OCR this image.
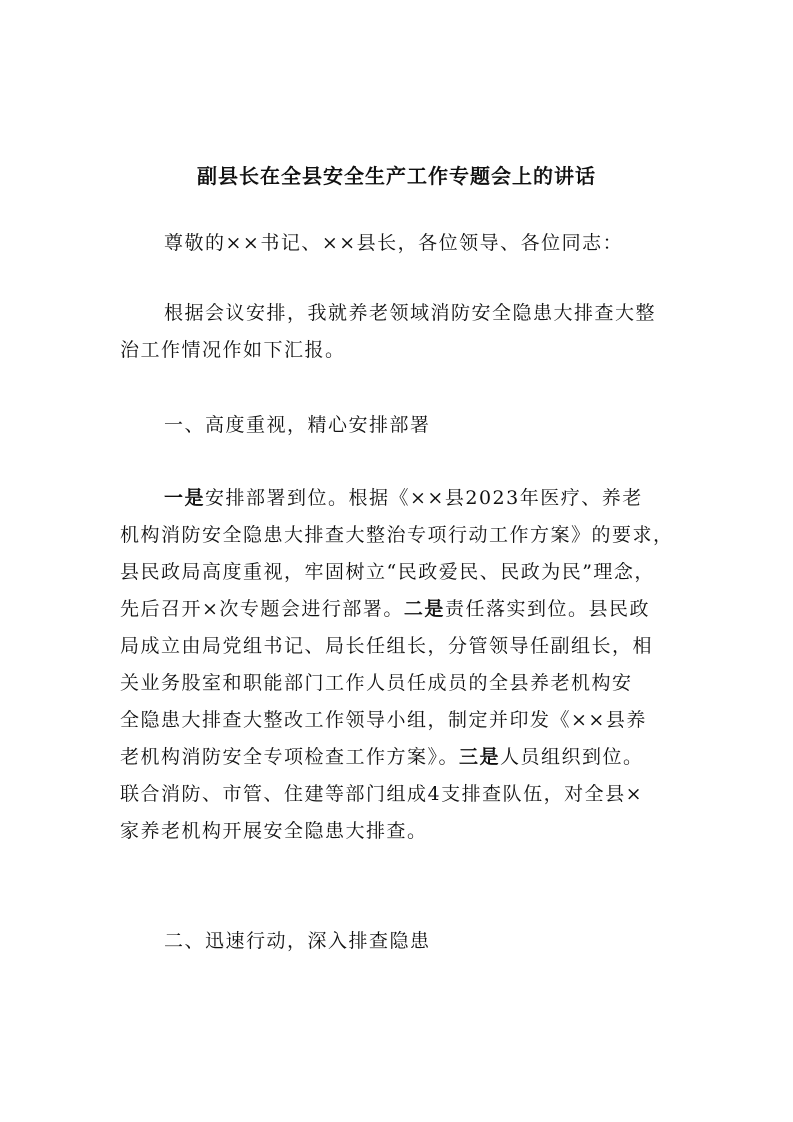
副县长在全县安全生产工作专题会上的讲话

尊敬的××书记、××县长，各位领导、各位同志：

根据会议安排，我就养老领域消防安全隐患大排查大整
治工作情况作如下汇报。

一、高度重视，精心安排部署

一是安排部署到位。根据《××县2023年医疗、养老
机构消防安全隐患大排查大整治专项行动工作方案》的要求，
县民政局高度重视，牢固树立“民政爱民、民政为民”理念，
先后召开×次专题会进行部署。二是责任落实到位。县民政
局成立由局党组书记、局长任组长，分管领导任副组长，相
关业务股室和职能部门工作人员任成员的全县养老机构安
全隐患大排查大整改工作领导小组，制定并印发《××县养
老机构消防安全专项检查工作方案》。三是人员组织到位。
联合消防、市管、住建等部门组成4支排查队伍，对全县×
家养老机构开展安全隐患大排查。

二、迅速行动，深入排查隐患
